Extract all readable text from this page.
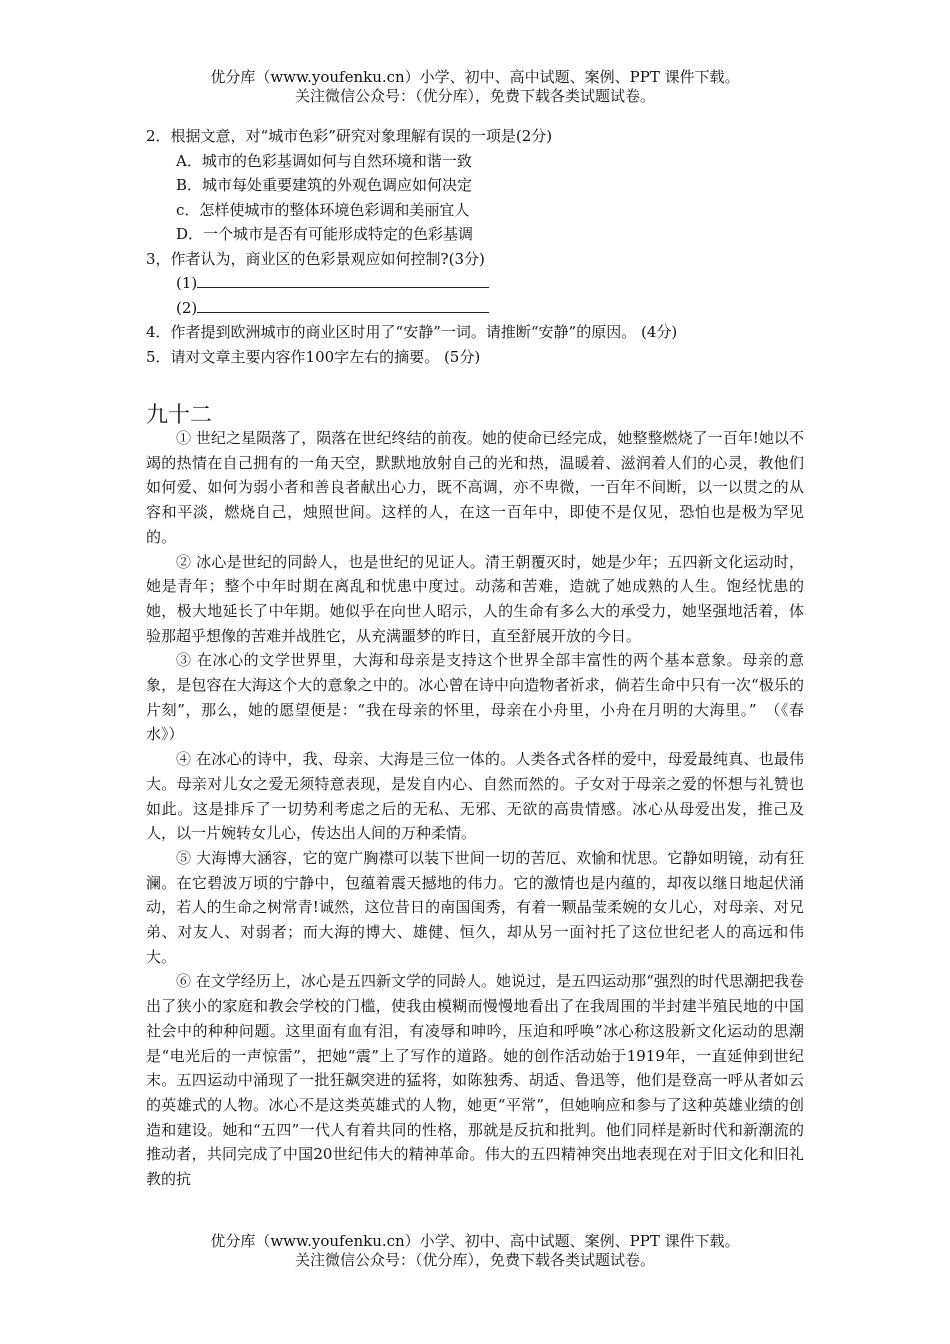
优分库（www.youfenku.cn）小学、初中、高中试题、案例、PPT 课件下载。
关注微信公众号：（优分库），免费下载各类试题试卷。
2．根据文意，对“城市色彩”研究对象理解有误的一项是(2分)
A．城市的色彩基调如何与自然环境和谐一致
B．城市每处重要建筑的外观色调应如何决定
c．怎样使城市的整体环境色彩调和美丽宜人
D．一个城市是否有可能形成特定的色彩基调
3，作者认为，商业区的色彩景观应如何控制?(3分)
(1)
(2)
4．作者提到欧洲城市的商业区时用了“安静”一词。请推断“安静”的原因。 (4分)
5．请对文章主要内容作100字左右的摘要。 (5分)
九十二

① 世纪之星陨落了，陨落在世纪终结的前夜。她的使命已经完成，她整整燃烧了一百年!她以不竭的热情在自己拥有的一角天空，默默地放射自己的光和热，温暖着、滋润着人们的心灵，教他们如何爱、如何为弱小者和善良者献出心力，既不高调，亦不卑微，一百年不间断，以一以贯之的从容和平淡，燃烧自己，烛照世间。这样的人，在这一百年中，即使不是仅见，恐怕也是极为罕见的。

② 冰心是世纪的同龄人，也是世纪的见证人。清王朝覆灭时，她是少年；五四新文化运动时，她是青年；整个中年时期在离乱和忧患中度过。动荡和苦难，造就了她成熟的人生。饱经忧患的她，极大地延长了中年期。她似乎在向世人昭示，人的生命有多么大的承受力，她坚强地活着，体验那超乎想像的苦难并战胜它，从充满噩梦的昨日，直至舒展开放的今日。

③ 在冰心的文学世界里，大海和母亲是支持这个世界全部丰富性的两个基本意象。母亲的意象，是包容在大海这个大的意象之中的。冰心曾在诗中向造物者祈求，倘若生命中只有一次“极乐的片刻”，那么，她的愿望便是：“我在母亲的怀里，母亲在小舟里，小舟在月明的大海里。”　（《春水》）

④ 在冰心的诗中，我、母亲、大海是三位一体的。人类各式各样的爱中，母爱最纯真、也最伟大。母亲对儿女之爱无须特意表现，是发自内心、自然而然的。子女对于母亲之爱的怀想与礼赞也如此。这是排斥了一切势利考虑之后的无私、无邪、无欲的高贵情感。冰心从母爱出发，推己及人，以一片婉转女儿心，传达出人间的万种柔情。

⑤ 大海博大涵容，它的宽广胸襟可以装下世间一切的苦厄、欢愉和忧思。它静如明镜，动有狂澜。在它碧波万顷的宁静中，包蕴着震天撼地的伟力。它的激情也是内蕴的，却夜以继日地起伏涌动，若人的生命之树常青!诚然，这位昔日的南国闺秀，有着一颗晶莹柔婉的女儿心，对母亲、对兄弟、对友人、对弱者；而大海的博大、雄健、恒久，却从另一面衬托了这位世纪老人的高远和伟大。

⑥ 在文学经历上，冰心是五四新文学的同龄人。她说过，是五四运动那“强烈的时代思潮把我卷出了狭小的家庭和教会学校的门槛，使我由模糊而慢慢地看出了在我周围的半封建半殖民地的中国社会中的种种问题。这里面有血有泪，有凌辱和呻吟，压迫和呼唤”冰心称这股新文化运动的思潮是“电光后的一声惊雷”，把她“震”上了写作的道路。她的创作活动始于1919年，一直延伸到世纪末。五四运动中涌现了一批狂飙突进的猛将，如陈独秀、胡适、鲁迅等，他们是登高一呼从者如云的英雄式的人物。冰心不是这类英雄式的人物，她更“平常”，但她响应和参与了这种英雄业绩的创造和建设。她和“五四”一代人有着共同的性格，那就是反抗和批判。他们同样是新时代和新潮流的推动者，共同完成了中国20世纪伟大的精神革命。伟大的五四精神突出地表现在对于旧文化和旧礼教的抗

优分库（www.youfenku.cn）小学、初中、高中试题、案例、PPT 课件下载。
关注微信公众号：（优分库），免费下载各类试题试卷。
